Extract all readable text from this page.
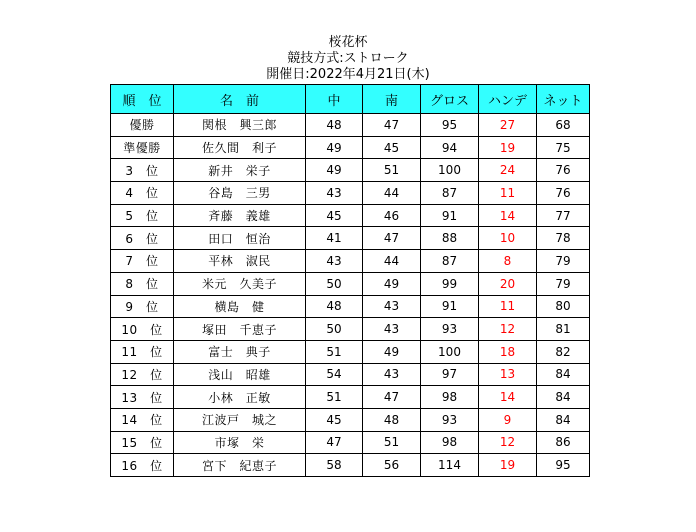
桜花杯
競技方式:ストローク
開催日:2022年4月21日(木)
順　位	名　前	中	南	グロス	ハンデ	ネット
優勝	関根　興三郎	48	47	95	27	68
準優勝	佐久間　利子	49	45	94	19	75
3　位	新井　栄子	49	51	100	24	76
4　位	谷島　三男	43	44	87	11	76
5　位	斉藤　義雄	45	46	91	14	77
6　位	田口　恒治	41	47	88	10	78
7　位	平林　淑民	43	44	87	8	79
8　位	米元　久美子	50	49	99	20	79
9　位	横島　健	48	43	91	11	80
10　位	塚田　千恵子	50	43	93	12	81
11　位	富士　典子	51	49	100	18	82
12　位	浅山　昭雄	54	43	97	13	84
13　位	小林　正敏	51	47	98	14	84
14　位	江波戸　城之	45	48	93	9	84
15　位	市塚　栄	47	51	98	12	86
16　位	宮下　紀恵子	58	56	114	19	95
